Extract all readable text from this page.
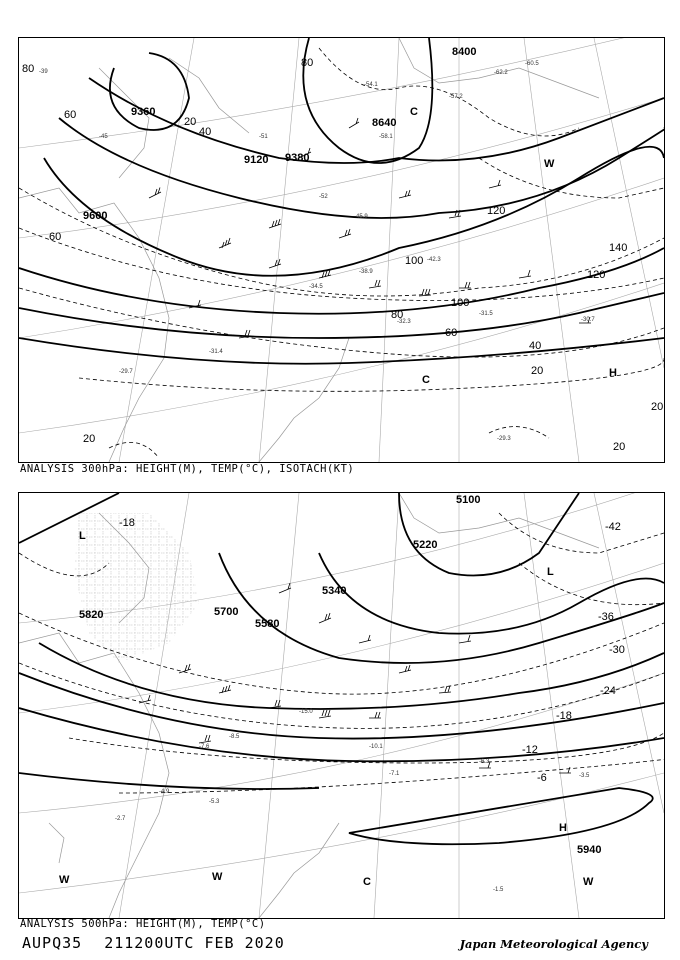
9360
9120 9380
9600
8640
8400
80
60
20
40
60
80
100
120
140
120
100
80
60
40
20
20
20
20
-39
-45	-51
-57.2
-58.1
-54.1
-52
-45.9
-42.3
-38.9
-34.5
-32.3
-31.5
-30.7
-29.7
-31.4
-29.3
-62.2
-60.5
C
W
C
H
ANALYSIS 300hPa: HEIGHT(M), TEMP(°C), ISOTACH(KT)
5100
5220
5340
5700
5580
5820
5940
-18	-42
-36
-30
-24
-18
-12
-6	-3.5
-15.0
-10.1
-6.3
-7.1
-5.3
-1.5
-2.7
-4.9
-7.6
-8.5
L
L
H
W	W	C	W
ANALYSIS 500hPa: HEIGHT(M), TEMP(°C)
AUPQ35 211200UTC FEB 2020	Japan Meteorological Agency
